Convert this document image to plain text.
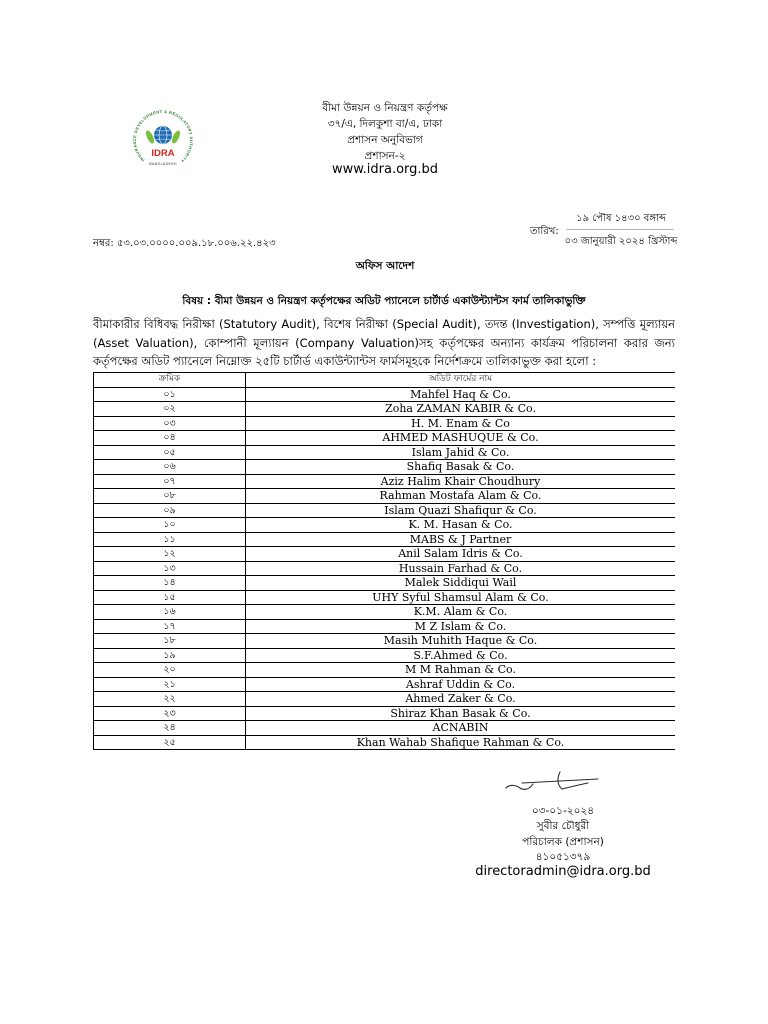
INSURANCE DEVELOPMENT & REGULATORY AUTHORITY
IDRA
BANGLADESH
বীমা উন্নয়ন ও নিয়ন্ত্রণ কর্তৃপক্ষ
৩৭/এ, দিলকুশা বা/এ, ঢাকা
প্রশাসন অনুবিভাগ
প্রশাসন-২
www.idra.org.bd
১৯ পৌষ ১৪৩০ বঙ্গাব্দ
তারিখ:
০৩ জানুয়ারী ২০২৪ খ্রিস্টাব্দ
নম্বর: ৫৩.০৩.০০০০.০০৯.১৮.০০৬.২২.৪২৩
অফিস আদেশ
বিষয় : বীমা উন্নয়ন ও নিয়ন্ত্রণ কর্তৃপক্ষের অডিট প্যানেলে চার্টার্ড একাউন্ট্যান্টস ফার্ম তালিকাভুক্তি
বীমাকারীর বিধিবদ্ধ নিরীক্ষা (Statutory Audit), বিশেষ নিরীক্ষা (Special Audit), তদন্ত (Investigation), সম্পত্তি মূল্যায়ন (Asset Valuation), কোম্পানী মূল্যায়ন (Company Valuation)সহ কর্তৃপক্ষের অন্যান্য কার্যক্রম পরিচালনা করার জন্য কর্তৃপক্ষের অডিট প্যানেলে নিম্নোক্ত ২৫টি চার্টার্ড একাউন্ট্যান্টস ফার্মসমূহকে নির্দেশক্রমে তালিকাভুক্ত করা হলো :
ক্রমিক	অডিট ফার্মের নাম
০১	Mahfel Haq & Co.
০২	Zoha ZAMAN KABIR & Co.
০৩	H. M. Enam & Co
০৪	AHMED MASHUQUE & Co.
০৫	Islam Jahid & Co.
০৬	Shafiq Basak & Co.
০৭	Aziz Halim Khair Choudhury
০৮	Rahman Mostafa Alam & Co.
০৯	Islam Quazi Shafiqur & Co.
১০	K. M. Hasan & Co.
১১	MABS & J Partner
১২	Anil Salam Idris & Co.
১৩	Hussain Farhad & Co.
১৪	Malek Siddiqui Wail
১৫	UHY Syful Shamsul Alam & Co.
১৬	K.M. Alam & Co.
১৭	M Z Islam & Co.
১৮	Masih Muhith Haque & Co.
১৯	S.F.Ahmed & Co.
২০	M M Rahman & Co.
২১	Ashraf Uddin & Co.
২২	Ahmed Zaker & Co.
২৩	Shiraz Khan Basak & Co.
২৪	ACNABIN
২৫	Khan Wahab Shafique Rahman & Co.
০৩-০১-২০২৪
সুবীর চৌধুরী
পরিচালক (প্রশাসন)
৪১০৫১৩৭৯
directoradmin@idra.org.bd
